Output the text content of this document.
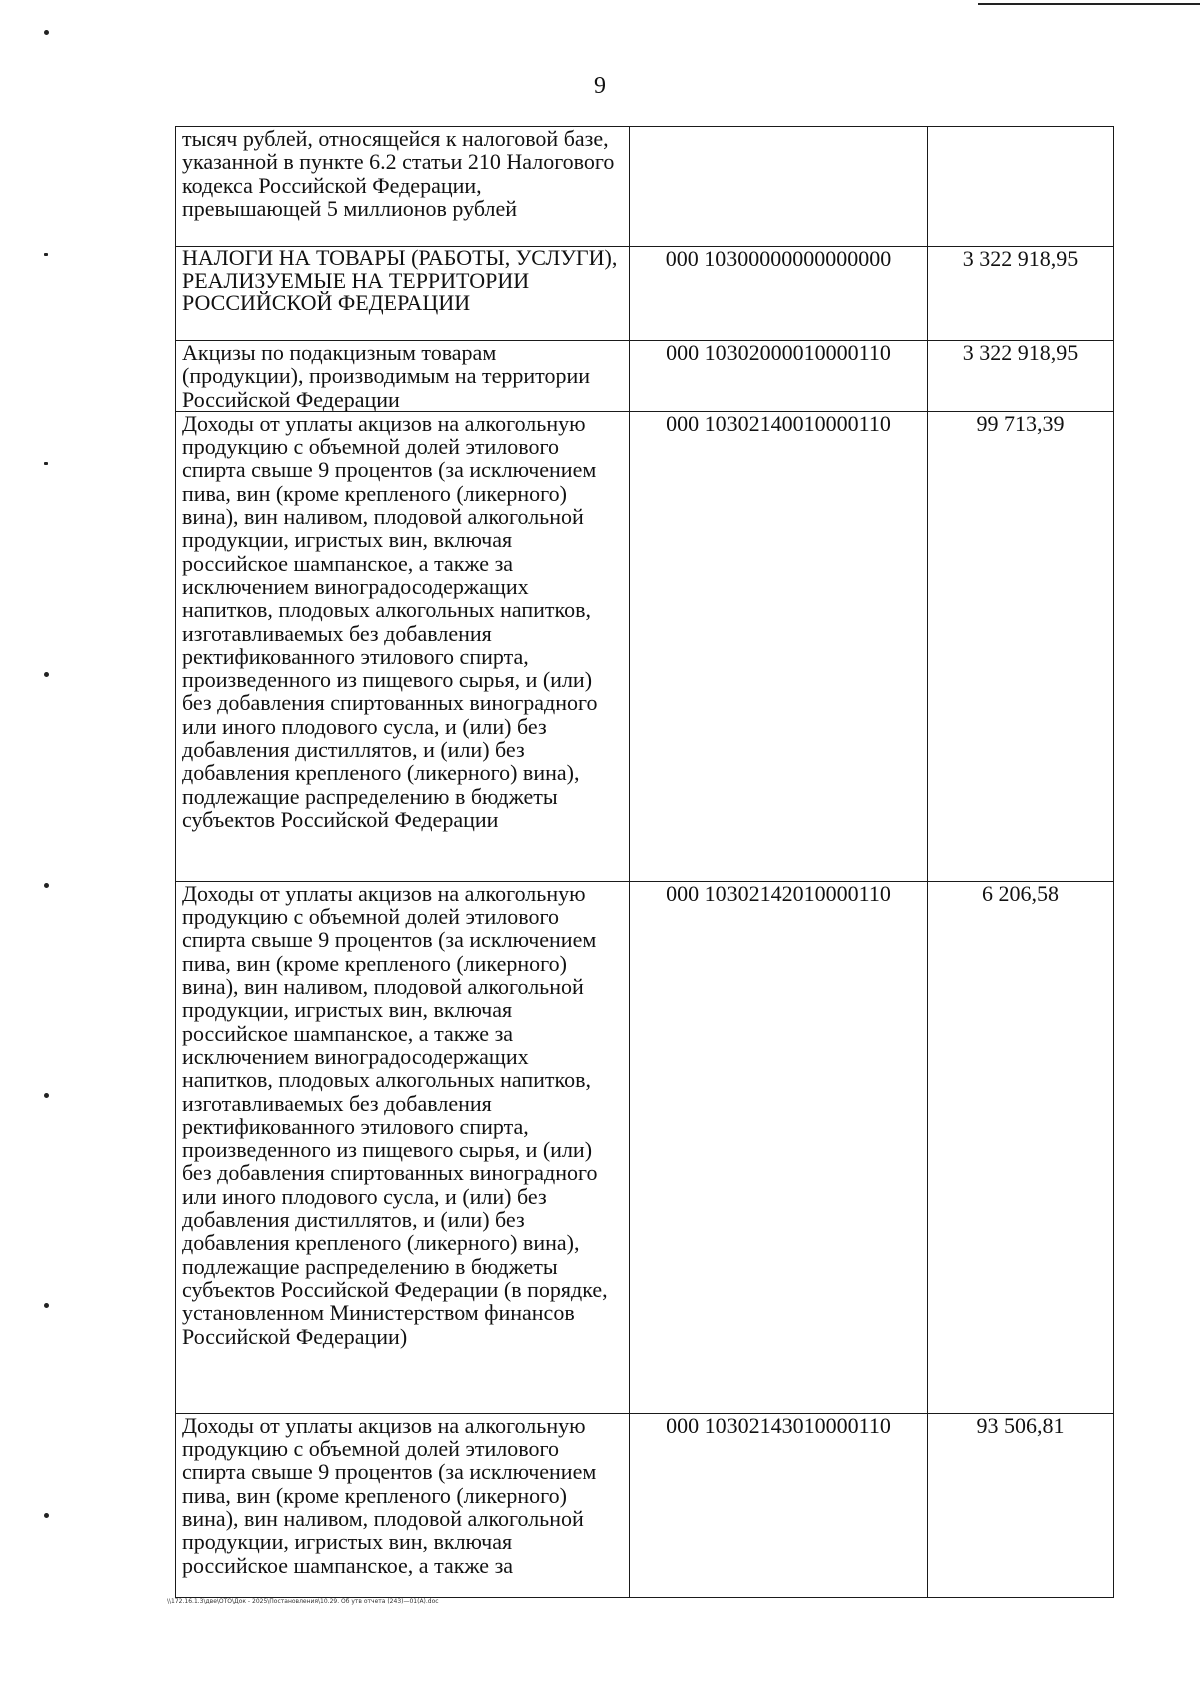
9
тысяч рублей, относящейся к налоговой базе, указанной в пункте 6.2 статьи 210 Налогового кодекса Российской Федерации, превышающей 5 миллионов рублей		
НАЛОГИ НА ТОВАРЫ (РАБОТЫ, УСЛУГИ), РЕАЛИЗУЕМЫЕ НА ТЕРРИТОРИИ РОССИЙСКОЙ ФЕДЕРАЦИИ	000 10300000000000000	3 322 918,95
Акцизы по подакцизным товарам (продукции), производимым на территории Российской Федерации	000 10302000010000110	3 322 918,95
Доходы от уплаты акцизов на алкогольную продукцию с объемной долей этилового спирта свыше 9 процентов (за исключением пива, вин (кроме крепленого (ликерного) вина), вин наливом, плодовой алкогольной продукции, игристых вин, включая российское шампанское, а также за исключением виноградосодержащих напитков, плодовых алкогольных напитков, изготавливаемых без добавления ректификованного этилового спирта, произведенного из пищевого сырья, и (или) без добавления спиртованных виноградного или иного плодового сусла, и (или) без добавления дистиллятов, и (или) без добавления крепленого (ликерного) вина), подлежащие распределению в бюджеты субъектов Российской Федерации	000 10302140010000110	99 713,39
Доходы от уплаты акцизов на алкогольную продукцию с объемной долей этилового спирта свыше 9 процентов (за исключением пива, вин (кроме крепленого (ликерного) вина), вин наливом, плодовой алкогольной продукции, игристых вин, включая российское шампанское, а также за исключением виноградосодержащих напитков, плодовых алкогольных напитков, изготавливаемых без добавления ректификованного этилового спирта, произведенного из пищевого сырья, и (или) без добавления спиртованных виноградного или иного плодового сусла, и (или) без добавления дистиллятов, и (или) без добавления крепленого (ликерного) вина), подлежащие распределению в бюджеты субъектов Российской Федерации (в порядке, установленном Министерством финансов Российской Федерации)	000 10302142010000110	6 206,58
Доходы от уплаты акцизов на алкогольную продукцию с объемной долей этилового спирта свыше 9 процентов (за исключением пива, вин (кроме крепленого (ликерного) вина), вин наливом, плодовой алкогольной продукции, игристых вин, включая российское шампанское, а также за	000 10302143010000110	93 506,81
\\172.16.1.3\две\ОТО\Док - 2025\Постановления\10.29. Об утв отчета (243)—01(А).doc
